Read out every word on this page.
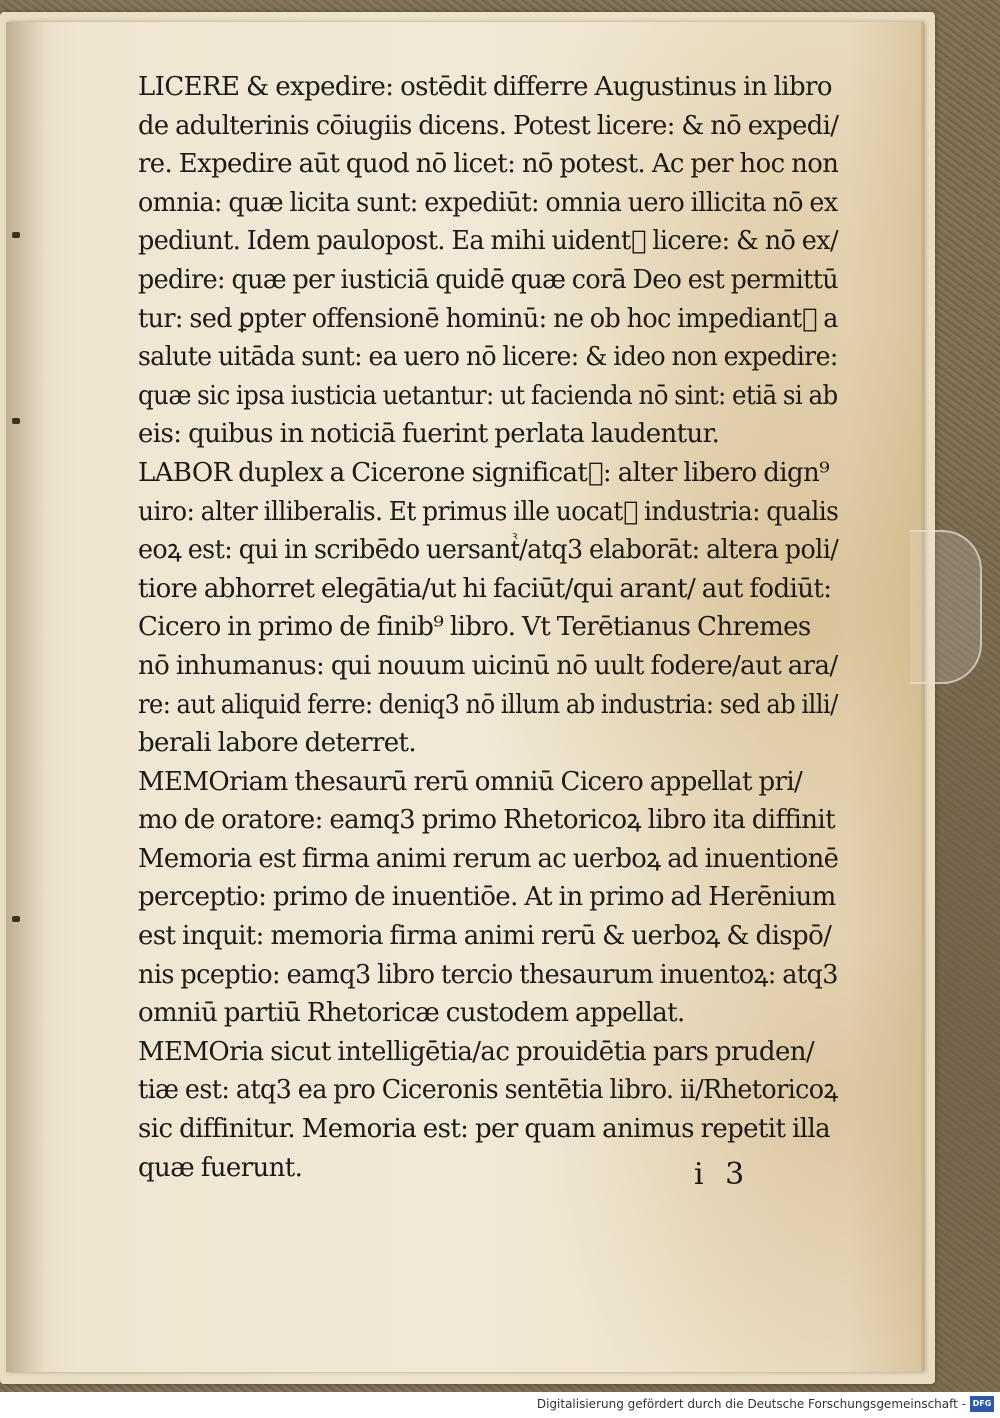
LICERE & expedire: ostēdit differre Augustinus in libro
de adulterinis cōiugiis dicens. Potest licere: & nō expedi/
re. Expedire aūt quod nō licet: nō potest. Ac per hoc non
omnia: quæ licita sunt: expediūt: omnia uero illicita nō ex
pediunt. Idem paulopost. Ea mihi uidentᷣ licere: & nō ex/
pedire: quæ per iusticiā quidē quæ corā Deo est permittū
tur: sed ꝑpter offensionē hominū: ne ob hoc impediantᷣ a
salute uitāda sunt: ea uero nō licere: & ideo non expedire:
quæ sic ipsa iusticia uetantur: ut facienda nō sint: etiā si ab
eis: quibus in noticiā fuerint perlata laudentur.
LABOR duplex a Cicerone significatᷣ: alter libero dign⁹
uiro: alter illiberalis. Et primus ille uocatᷣ industria: qualis
eoꝝ est: qui in scribēdo uersantᷣ/atq3 elaborāt: altera poli/
tiore abhorret elegātia/ut hi faciūt/qui arant/ aut fodiūt:
Cicero in primo de finib⁹ libro. Vt Terētianus Chremes
nō inhumanus: qui nouum uicinū nō uult fodere/aut ara/
re: aut aliquid ferre: deniq3 nō illum ab industria: sed ab illi/
berali labore deterret.
MEMOriam thesaurū rerū omniū Cicero appellat pri/
mo de oratore: eamq3 primo Rhetoricoꝝ libro ita diffinit
Memoria est firma animi rerum ac uerboꝝ ad inuentionē
perceptio: primo de inuentiōe. At in primo ad Herēnium
est inquit: memoria firma animi rerū & uerboꝝ & dispō/
nis pceptio: eamq3 libro tercio thesaurum inuentoꝝ: atq3
omniū partiū Rhetoricæ custodem appellat.
MEMOria sicut intelligētia/ac prouidētia pars pruden/
tiæ est: atq3 ea pro Ciceronis sentētia libro. ii/Rhetoricoꝝ
sic diffinitur. Memoria est: per quam animus repetit illa
quæ fuerunt.	i 3
Digitalisierung gefördert durch die Deutsche Forschungsgemeinschaft - DFG
